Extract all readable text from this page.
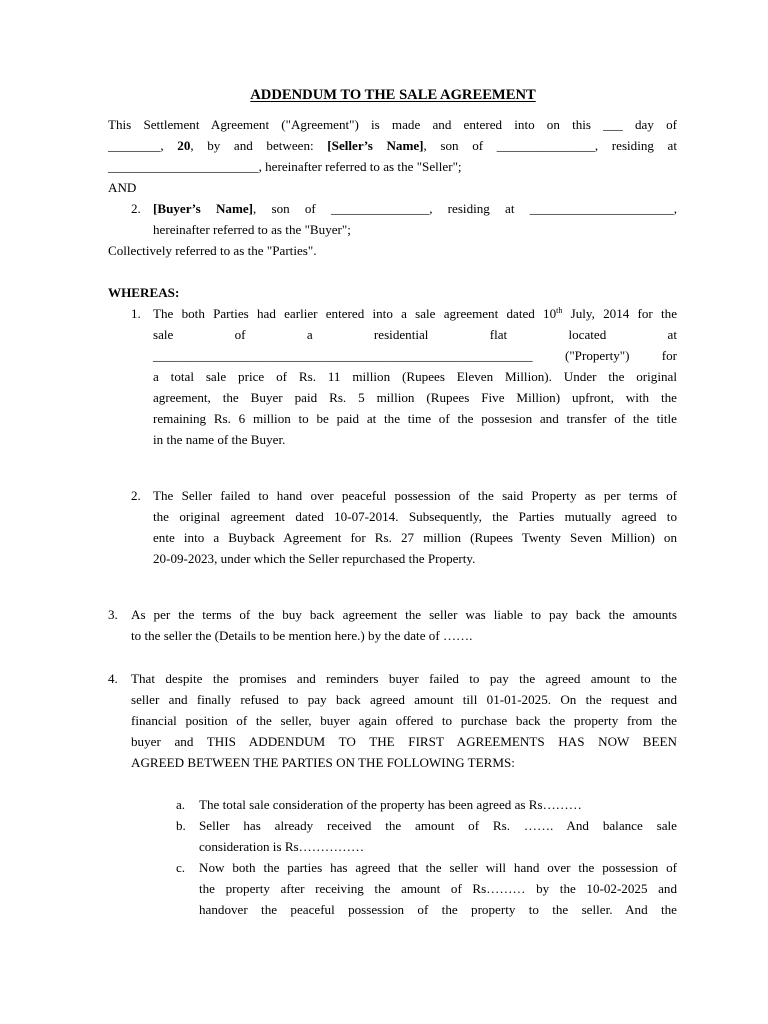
ADDENDUM TO THE SALE AGREEMENT
This Settlement Agreement ("Agreement") is made and entered into on this ___ day of
________, 20, by and between: [Seller’s Name], son of _______________, residing at
_______________________, hereinafter referred to as the "Seller";
AND
2. [Buyer’s Name], son of _______________, residing at ______________________,
hereinafter referred to as the "Buyer";
Collectively referred to as the "Parties".
WHEREAS:
1. The both Parties had earlier entered into a sale agreement dated 10th July, 2014 for the
sale of a residential flat located at
__________________________________________________________ ("Property") for
a total sale price of Rs. 11 million (Rupees Eleven Million). Under the original
agreement, the Buyer paid Rs. 5 million (Rupees Five Million) upfront, with the
remaining Rs. 6 million to be paid at the time of the possesion and transfer of the title
in the name of the Buyer.
2. The Seller failed to hand over peaceful possession of the said Property as per terms of
the original agreement dated 10-07-2014. Subsequently, the Parties mutually agreed to
ente into a Buyback Agreement for Rs. 27 million (Rupees Twenty Seven Million) on
20-09-2023, under which the Seller repurchased the Property.
3. As per the terms of the buy back agreement the seller was liable to pay back the amounts
to the seller the (Details to be mention here.) by the date of …….
4. That despite the promises and reminders buyer failed to pay the agreed amount to the
seller and finally refused to pay back agreed amount till 01-01-2025. On the request and
financial position of the seller, buyer again offered to purchase back the property from the
buyer and THIS ADDENDUM TO THE FIRST AGREEMENTS HAS NOW BEEN
AGREED BETWEEN THE PARTIES ON THE FOLLOWING TERMS:
a. The total sale consideration of the property has been agreed as Rs………
b. Seller has already received the amount of Rs. ……. And balance sale
consideration is Rs……………
c. Now both the parties has agreed that the seller will hand over the possession of
the property after receiving the amount of Rs……… by the 10-02-2025 and
handover the peaceful possession of the property to the seller. And the
